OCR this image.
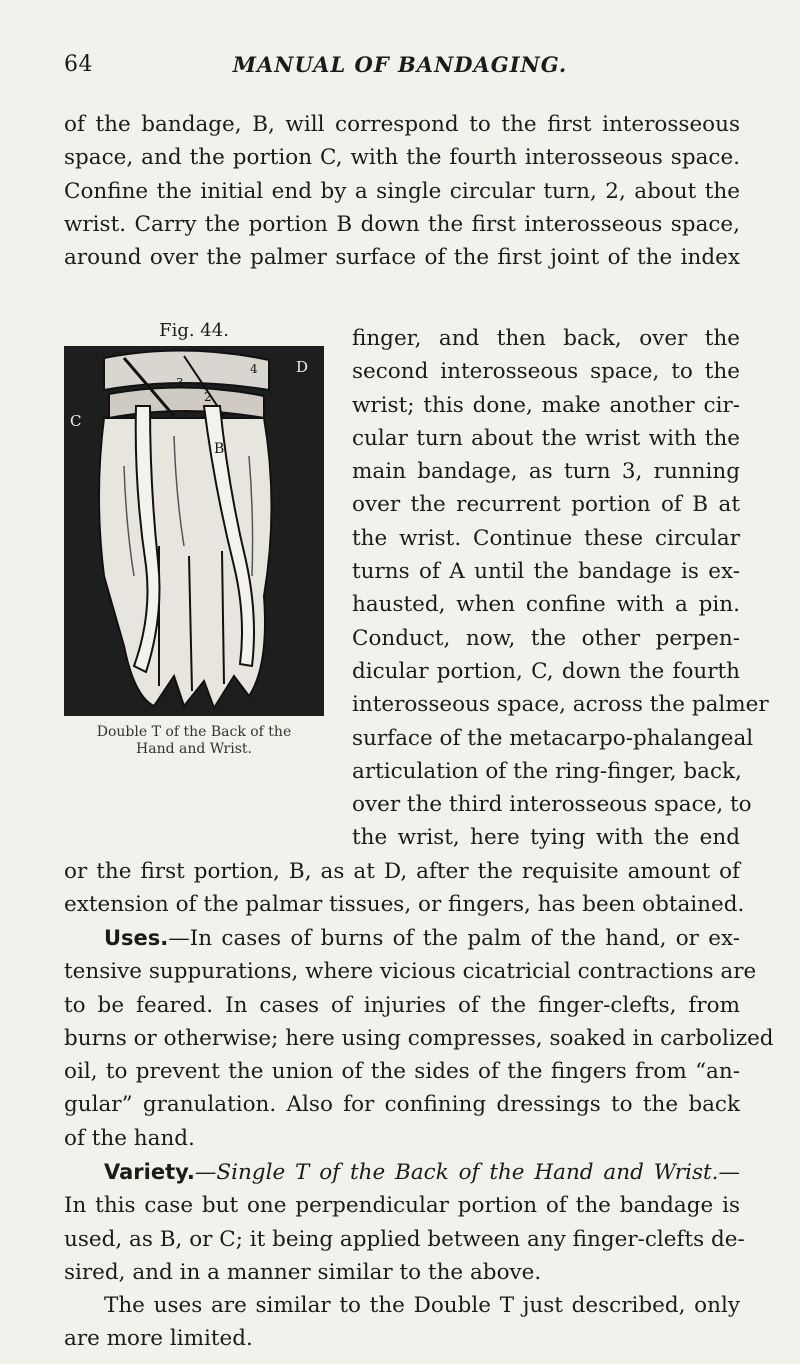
64	MANUAL OF BANDAGING.
of the bandage, B, will correspond to the first interosseous
space, and the portion C, with the fourth interosseous space.
Confine the initial end by a single circular turn, 2, about the
wrist. Carry the portion B down the first interosseous space,
around over the palmer surface of the first joint of the index
Fig. 44.
C
B
D
4
3
2
Double T of the Back of the
Hand and Wrist.
finger, and then back, over the
second interosseous space, to the
wrist; this done, make another cir-
cular turn about the wrist with the
main bandage, as turn 3, running
over the recurrent portion of B at
the wrist. Continue these circular
turns of A until the bandage is ex-
hausted, when confine with a pin.
Conduct, now, the other perpen-
dicular portion, C, down the fourth
interosseous space, across the palmer
surface of the metacarpo-phalangeal
articulation of the ring-finger, back,
over the third interosseous space, to
the wrist, here tying with the end
or the first portion, B, as at D, after the requisite amount of
extension of the palmar tissues, or fingers, has been obtained.
Uses.—In cases of burns of the palm of the hand, or ex-
tensive suppurations, where vicious cicatricial contractions are
to be feared. In cases of injuries of the finger-clefts, from
burns or otherwise; here using compresses, soaked in carbolized
oil, to prevent the union of the sides of the fingers from “an-
gular” granulation. Also for confining dressings to the back
of the hand.
Variety.—Single T of the Back of the Hand and Wrist.—
In this case but one perpendicular portion of the bandage is
used, as B, or C; it being applied between any finger-clefts de-
sired, and in a manner similar to the above.
The uses are similar to the Double T just described, only
are more limited.
